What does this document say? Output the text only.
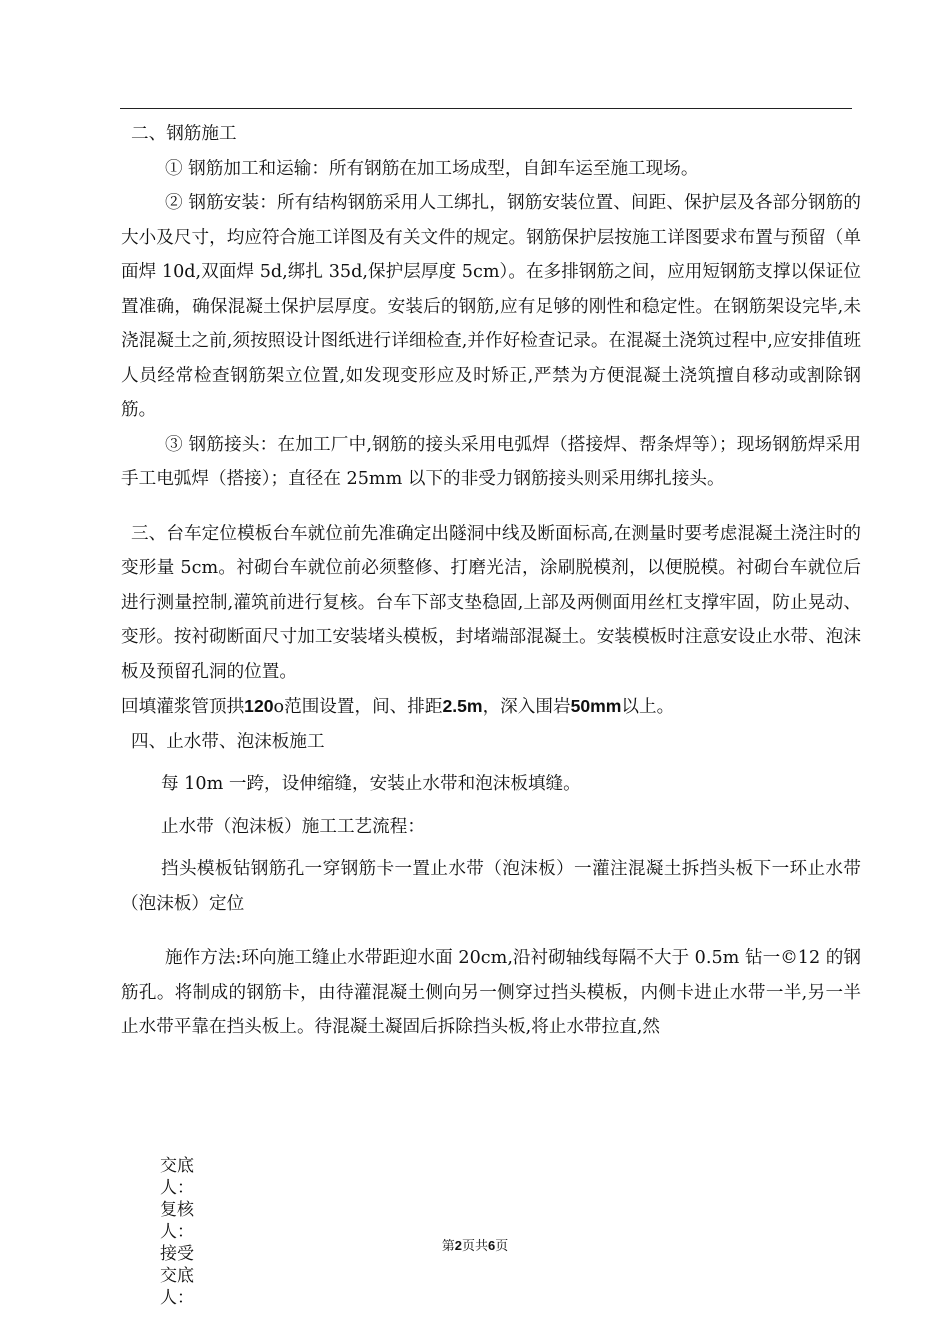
二、钢筋施工

① 钢筋加工和运输：所有钢筋在加工场成型，自卸车运至施工现场。

② 钢筋安装：所有结构钢筋采用人工绑扎，钢筋安装位置、间距、保护层及各部分钢筋的大小及尺寸，均应符合施工详图及有关文件的规定。钢筋保护层按施工详图要求布置与预留（单面焊 10d,双面焊 5d,绑扎 35d,保护层厚度 5cm）。在多排钢筋之间，应用短钢筋支撑以保证位置准确，确保混凝土保护层厚度。安装后的钢筋,应有足够的刚性和稳定性。在钢筋架设完毕,未浇混凝土之前,须按照设计图纸进行详细检查,并作好检查记录。在混凝土浇筑过程中,应安排值班人员经常检查钢筋架立位置,如发现变形应及时矫正,严禁为方便混凝土浇筑擅自移动或割除钢筋。

③ 钢筋接头：在加工厂中,钢筋的接头采用电弧焊（搭接焊、帮条焊等）；现场钢筋焊采用手工电弧焊（搭接）；直径在 25mm 以下的非受力钢筋接头则采用绑扎接头。

三、台车定位模板台车就位前先准确定出隧洞中线及断面标高,在测量时要考虑混凝土浇注时的变形量 5cm。衬砌台车就位前必须整修、打磨光洁，涂刷脱模剂，以便脱模。衬砌台车就位后进行测量控制,灌筑前进行复核。台车下部支垫稳固,上部及两侧面用丝杠支撑牢固，防止晃动、变形。按衬砌断面尺寸加工安装堵头模板，封堵端部混凝土。安装模板时注意安设止水带、泡沫板及预留孔洞的位置。

回填灌浆管顶拱120o范围设置，间、排距2.5m，深入围岩50mm以上。

四、止水带、泡沫板施工

每 10m 一跨，设伸缩缝，安装止水带和泡沫板填缝。

止水带（泡沫板）施工工艺流程：

挡头模板钻钢筋孔一穿钢筋卡一置止水带（泡沫板）一灌注混凝土拆挡头板下一环止水带（泡沫板）定位

施作方法:环向施工缝止水带距迎水面 20cm,沿衬砌轴线每隔不大于 0.5m 钻一©12 的钢筋孔。将制成的钢筋卡，由待灌混凝土侧向另一侧穿过挡头模板，内侧卡进止水带一半,另一半止水带平靠在挡头板上。待混凝土凝固后拆除挡头板,将止水带拉直,然

交底人：

复核人：

接受交底人：

第2页共6页
